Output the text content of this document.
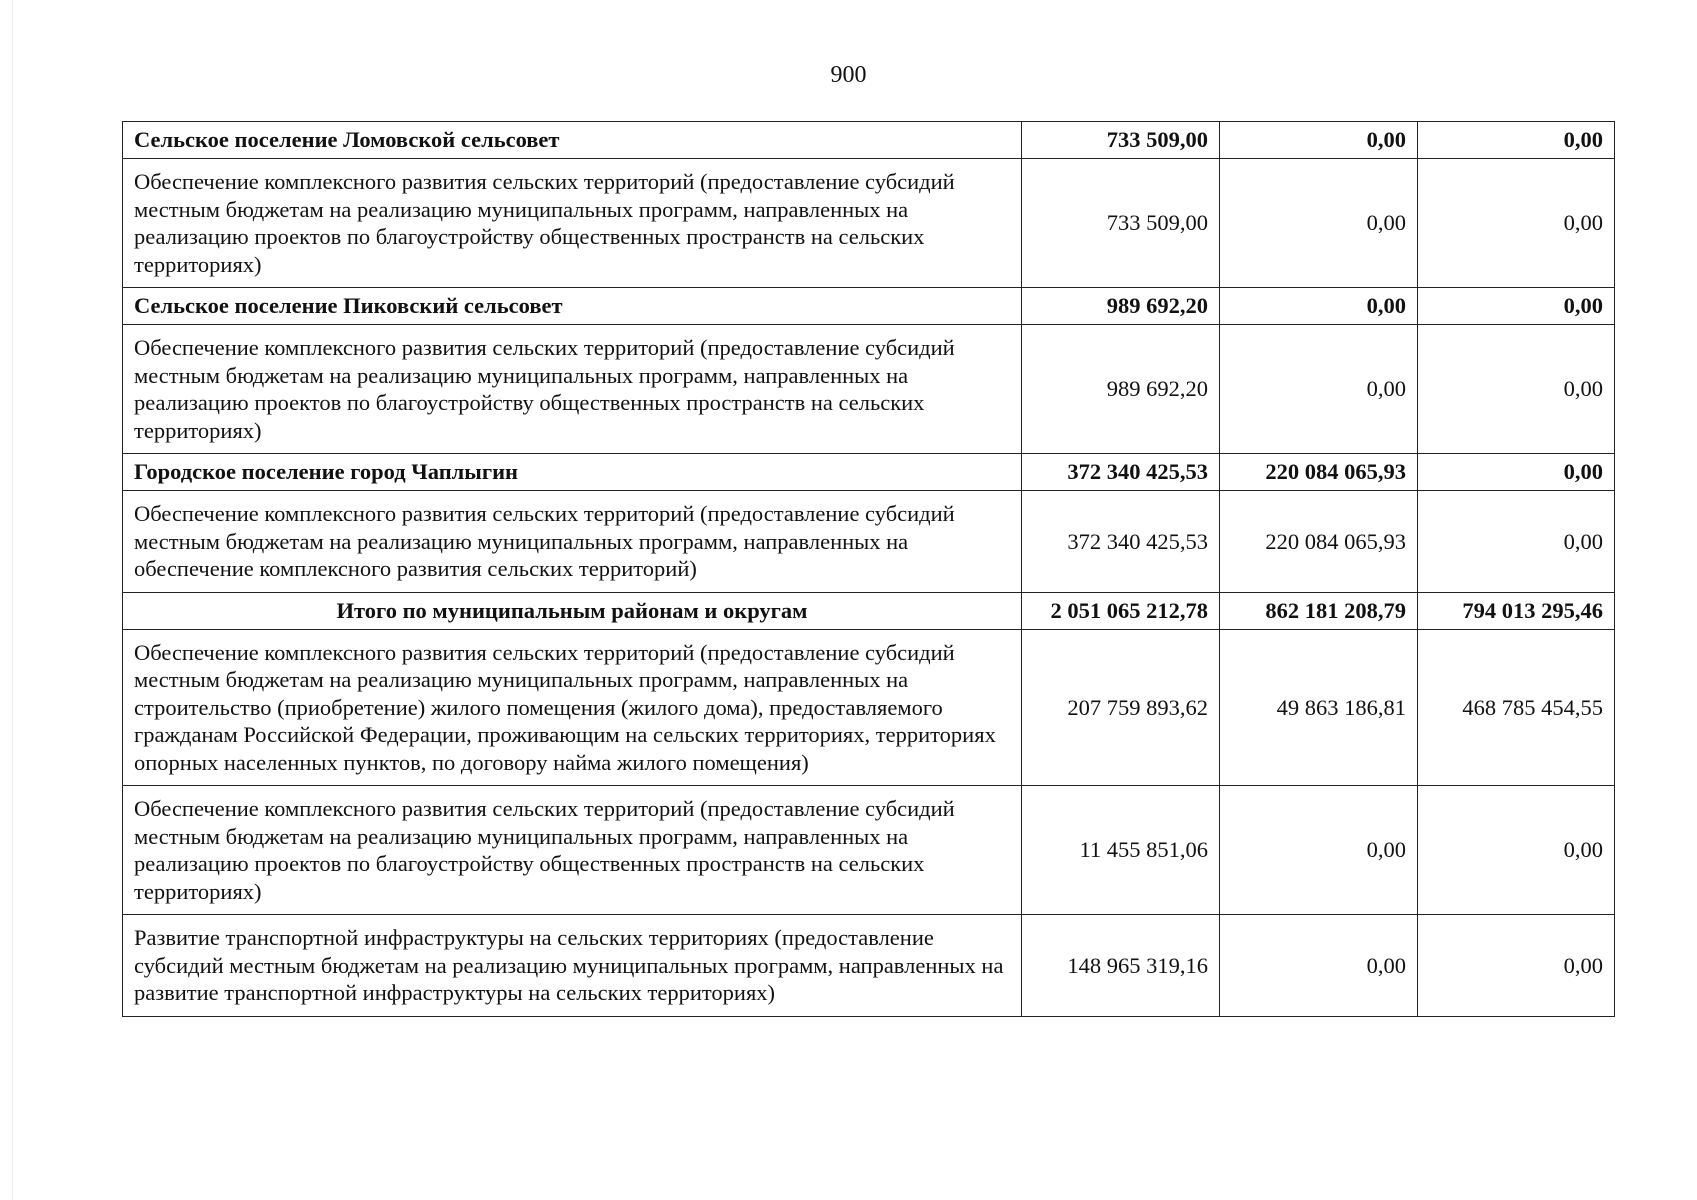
900
Сельское поселение Ломовской сельсовет	733 509,00	0,00	0,00
Обеспечение комплексного развития сельских территорий (предоставление субсидий местным бюджетам на реализацию муниципальных программ, направленных на реализацию проектов по благоустройству общественных пространств на сельских территориях)	733 509,00	0,00	0,00
Сельское поселение Пиковский сельсовет	989 692,20	0,00	0,00
Обеспечение комплексного развития сельских территорий (предоставление субсидий местным бюджетам на реализацию муниципальных программ, направленных на реализацию проектов по благоустройству общественных пространств на сельских территориях)	989 692,20	0,00	0,00
Городское поселение город Чаплыгин	372 340 425,53	220 084 065,93	0,00
Обеспечение комплексного развития сельских территорий (предоставление субсидий местным бюджетам на реализацию муниципальных программ, направленных на обеспечение комплексного развития сельских территорий)	372 340 425,53	220 084 065,93	0,00
Итого по муниципальным районам и округам	2 051 065 212,78	862 181 208,79	794 013 295,46
Обеспечение комплексного развития сельских территорий (предоставление субсидий местным бюджетам на реализацию муниципальных программ, направленных на строительство (приобретение) жилого помещения (жилого дома), предоставляемого гражданам Российской Федерации, проживающим на сельских территориях, территориях опорных населенных пунктов, по договору найма жилого помещения)	207 759 893,62	49 863 186,81	468 785 454,55
Обеспечение комплексного развития сельских территорий (предоставление субсидий местным бюджетам на реализацию муниципальных программ, направленных на реализацию проектов по благоустройству общественных пространств на сельских территориях)	11 455 851,06	0,00	0,00
Развитие транспортной инфраструктуры на сельских территориях (предоставление субсидий местным бюджетам на реализацию муниципальных программ, направленных на развитие транспортной инфраструктуры на сельских территориях)	148 965 319,16	0,00	0,00
